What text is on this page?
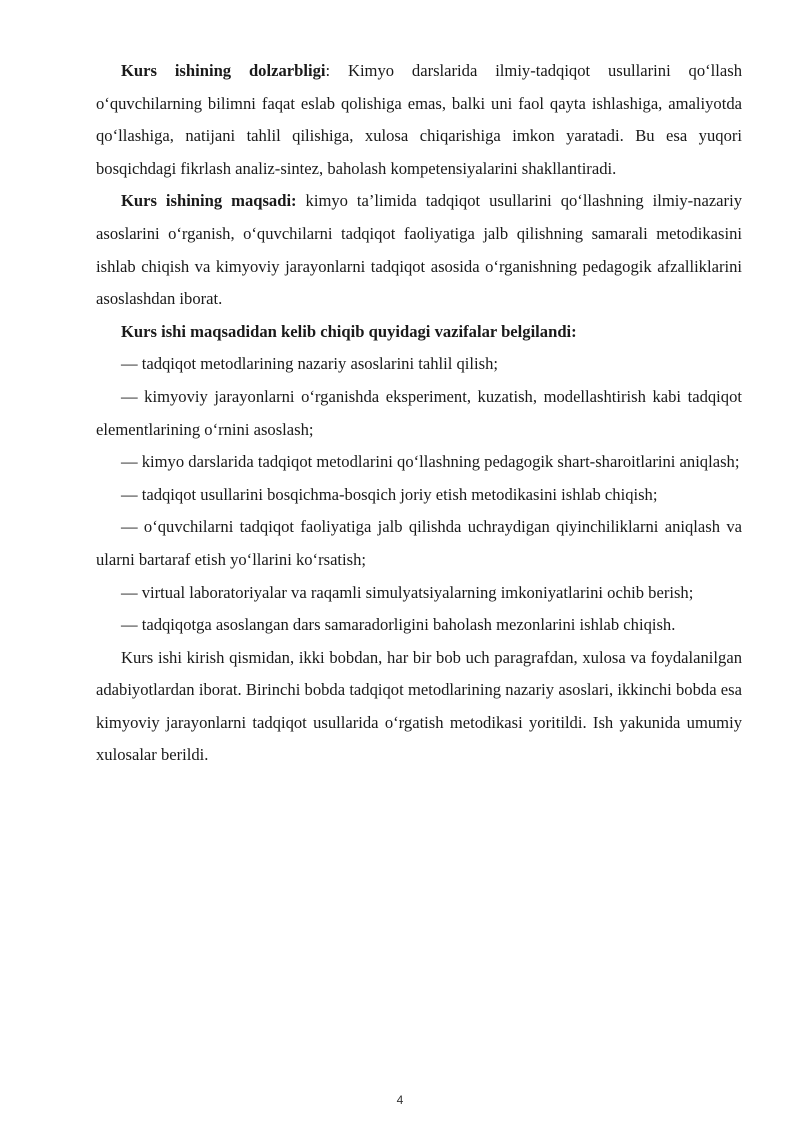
Kurs ishining dolzarbligi: Kimyo darslarida ilmiy-tadqiqot usullarini qo‘llash o‘quvchilarning bilimni faqat eslab qolishiga emas, balki uni faol qayta ishlashiga, amaliyotda qo‘llashiga, natijani tahlil qilishiga, xulosa chiqarishiga imkon yaratadi. Bu esa yuqori bosqichdagi fikrlash analiz-sintez, baholash kompetensiyalarini shakllantiradi.

Kurs ishining maqsadi: kimyo ta’limida tadqiqot usullarini qo‘llashning ilmiy-nazariy asoslarini o‘rganish, o‘quvchilarni tadqiqot faoliyatiga jalb qilishning samarali metodikasini ishlab chiqish va kimyoviy jarayonlarni tadqiqot asosida o‘rganishning pedagogik afzalliklarini asoslashdan iborat.

Kurs ishi maqsadidan kelib chiqib quyidagi vazifalar belgilandi:

— tadqiqot metodlarining nazariy asoslarini tahlil qilish;

— kimyoviy jarayonlarni o‘rganishda eksperiment, kuzatish, modellashtirish kabi tadqiqot elementlarining o‘rnini asoslash;

— kimyo darslarida tadqiqot metodlarini qo‘llashning pedagogik shart-sharoitlarini aniqlash;

— tadqiqot usullarini bosqichma-bosqich joriy etish metodikasini ishlab chiqish;

— o‘quvchilarni tadqiqot faoliyatiga jalb qilishda uchraydigan qiyinchiliklarni aniqlash va ularni bartaraf etish yo‘llarini ko‘rsatish;

— virtual laboratoriyalar va raqamli simulyatsiyalarning imkoniyatlarini ochib berish;

— tadqiqotga asoslangan dars samaradorligini baholash mezonlarini ishlab chiqish.

Kurs ishi kirish qismidan, ikki bobdan, har bir bob uch paragrafdan, xulosa va foydalanilgan adabiyotlardan iborat. Birinchi bobda tadqiqot metodlarining nazariy asoslari, ikkinchi bobda esa kimyoviy jarayonlarni tadqiqot usullarida o‘rgatish metodikasi yoritildi. Ish yakunida umumiy xulosalar berildi.

4
